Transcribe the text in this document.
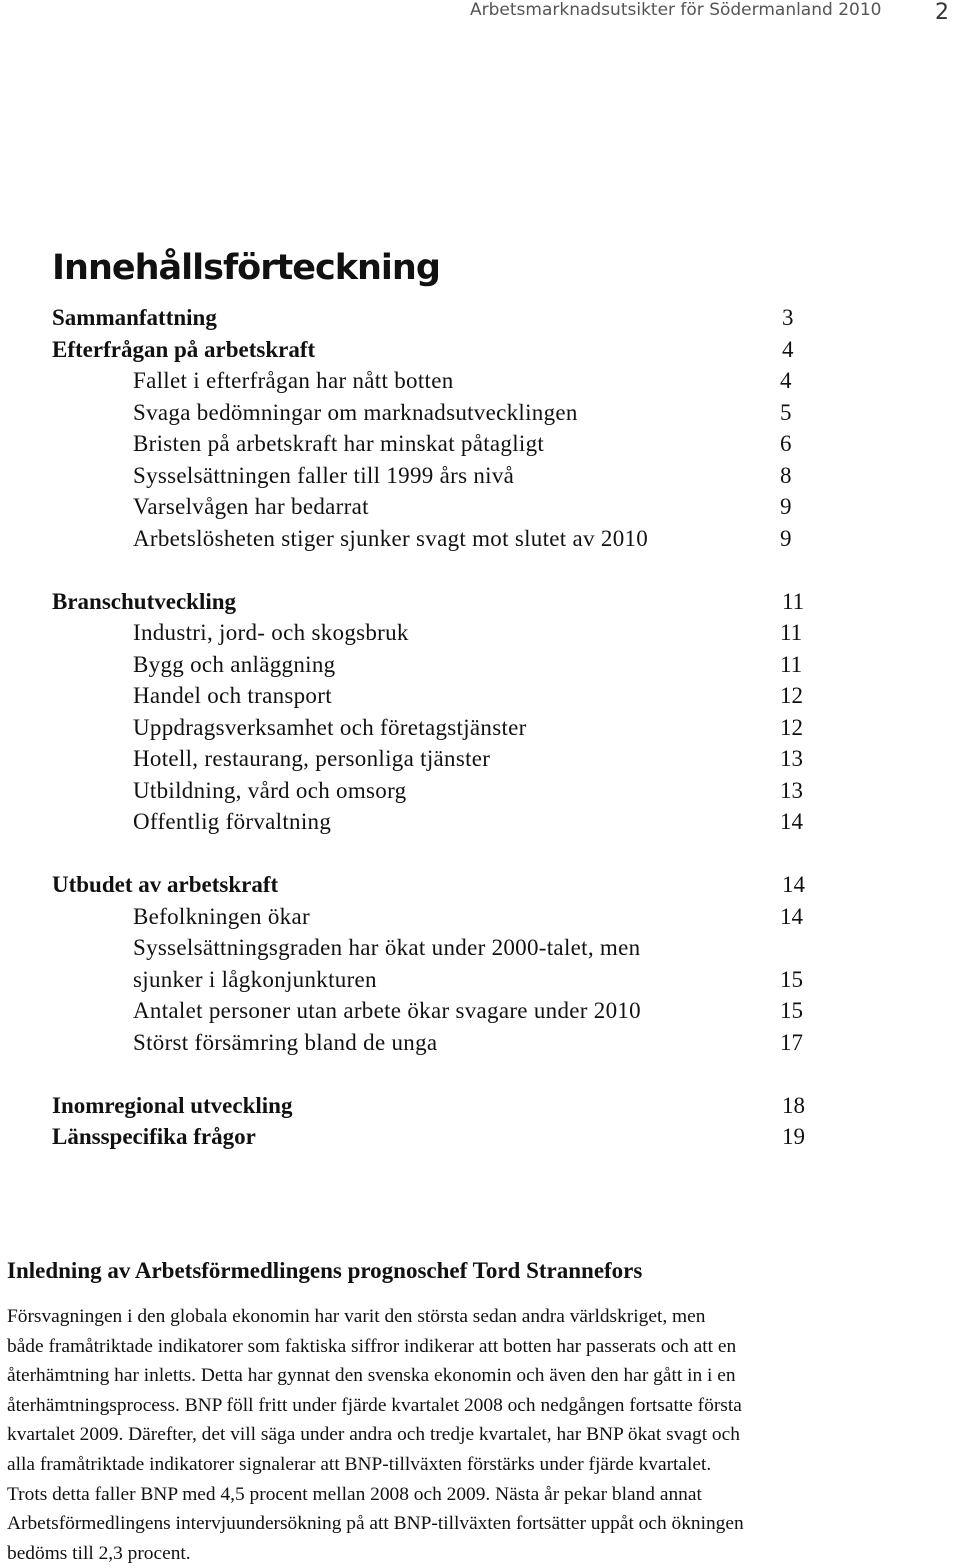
Arbetsmarknadsutsikter för Södermanland 2010 2
Innehållsförteckning
Sammanfattning	3
Efterfrågan på arbetskraft	4
Fallet i efterfrågan har nått botten	4
Svaga bedömningar om marknadsutvecklingen	5
Bristen på arbetskraft har minskat påtagligt	6
Sysselsättningen faller till 1999 års nivå	8
Varselvågen har bedarrat	9
Arbetslösheten stiger sjunker svagt mot slutet av 2010	9
Branschutveckling	11
Industri, jord- och skogsbruk	11
Bygg och anläggning	11
Handel och transport	12
Uppdragsverksamhet och företagstjänster	12
Hotell, restaurang, personliga tjänster	13
Utbildning, vård och omsorg	13
Offentlig förvaltning	14
Utbudet av arbetskraft	14
Befolkningen ökar	14
Sysselsättningsgraden har ökat under 2000-talet, men
sjunker i lågkonjunkturen	15
Antalet personer utan arbete ökar svagare under 2010	15
Störst försämring bland de unga	17
Inomregional utveckling	18
Länsspecifika frågor	19
Inledning av Arbetsförmedlingens prognoschef Tord Strannefors
Försvagningen i den globala ekonomin har varit den största sedan andra världskriget, men
både framåtriktade indikatorer som faktiska siffror indikerar att botten har passerats och att en
återhämtning har inletts. Detta har gynnat den svenska ekonomin och även den har gått in i en
återhämtningsprocess. BNP föll fritt under fjärde kvartalet 2008 och nedgången fortsatte första
kvartalet 2009. Därefter, det vill säga under andra och tredje kvartalet, har BNP ökat svagt och
alla framåtriktade indikatorer signalerar att BNP-tillväxten förstärks under fjärde kvartalet.
Trots detta faller BNP med 4,5 procent mellan 2008 och 2009. Nästa år pekar bland annat
Arbetsförmedlingens intervjuundersökning på att BNP-tillväxten fortsätter uppåt och ökningen
bedöms till 2,3 procent.
